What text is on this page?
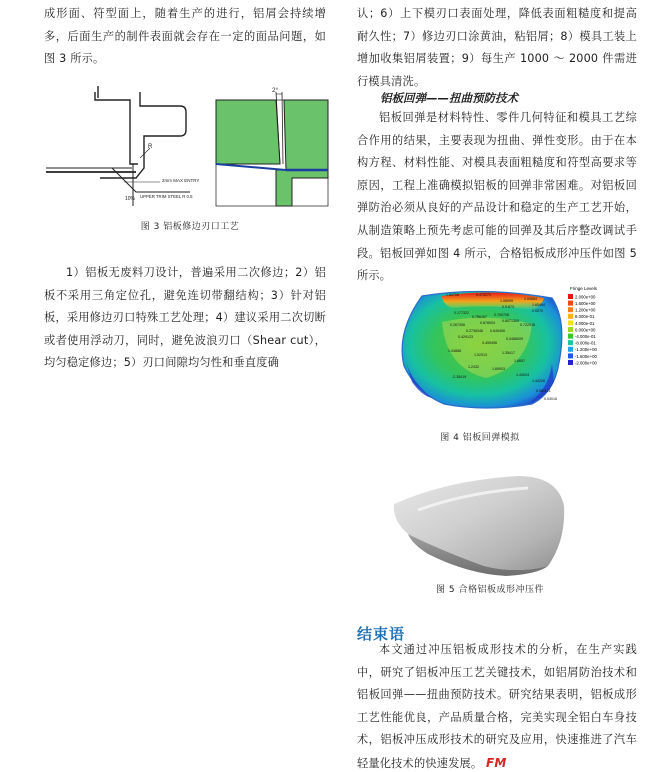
成形面、符型面上，随着生产的进行，铝屑会持续增多，后面生产的制件表面就会存在一定的面品问题，如图 3 所示。
R
2mm MAX ENTRY
10% UPPER TRIM STEEL R 0.5
2°
图 3 铝板修边刃口工艺
1）铝板无废料刀设计，普遍采用二次修边；2）铝板不采用三角定位孔，避免连切带翻结构；3）针对铝板，采用修边刃口特殊工艺处理；4）建议采用二次切断或者使用浮动刀，同时，避免波浪刃口（Shear cut），均匀稳定修边；5）刃口间隙均匀性和垂直度确
认；6）上下模刃口表面处理，降低表面粗糙度和提高耐久性；7）修边刃口涂黄油，粘铝屑；8）模具工装上增加收集铝屑装置；9）每生产 1000 ～ 2000 件需进行模具清洗。
铝板回弹——扭曲预防技术
铝板回弹是材料特性、零件几何特征和模具工艺综合作用的结果，主要表现为扭曲、弹性变形。由于在本构方程、材料性能、对模具表面粗糙度和符型高要求等原因，工程上准确模拟铝板的回弹非常困难。对铝板回弹防治必须从良好的产品设计和稳定的生产工艺开始，从制造策略上预先考虑可能的回弹及其后序整改调试手段。铝板回弹如图 4 所示，合格铝板成形冲压件如图 5 所示。
1.84706	0.470271
1.08099	2.00884
1.65494
0.9.873
0.0070
0.177322
0.756157 0.700708
0.678004
0.267306
0.8071305
0.722938
0.2738346 0.649406
0.429123	0.0488009
0.459406
1.04888
1.02013	1.35417
1.6657
1.2432	1.69003
-2.35419	1.44024
1.44226
0.081121
0.04016
Fringe Levels
2.000e+00
1.600e+00
1.200e+00
8.000e-01
4.000e-01
0.000e+00
-4.000e-01
-8.000e-01
-1.200e+00
-1.600e+00
-2.000e+00
图 4 铝板回弹模拟
图 5 合格铝板成形冲压件
结束语
本文通过冲压铝板成形技术的分析，在生产实践中，研究了铝板冲压工艺关键技术，如铝屑防治技术和铝板回弹——扭曲预防技术。研究结果表明，铝板成形工艺性能优良，产品质量合格，完美实现全铝白车身技术，铝板冲压成形技术的研究及应用，快速推进了汽车轻量化技术的快速发展。 FM
